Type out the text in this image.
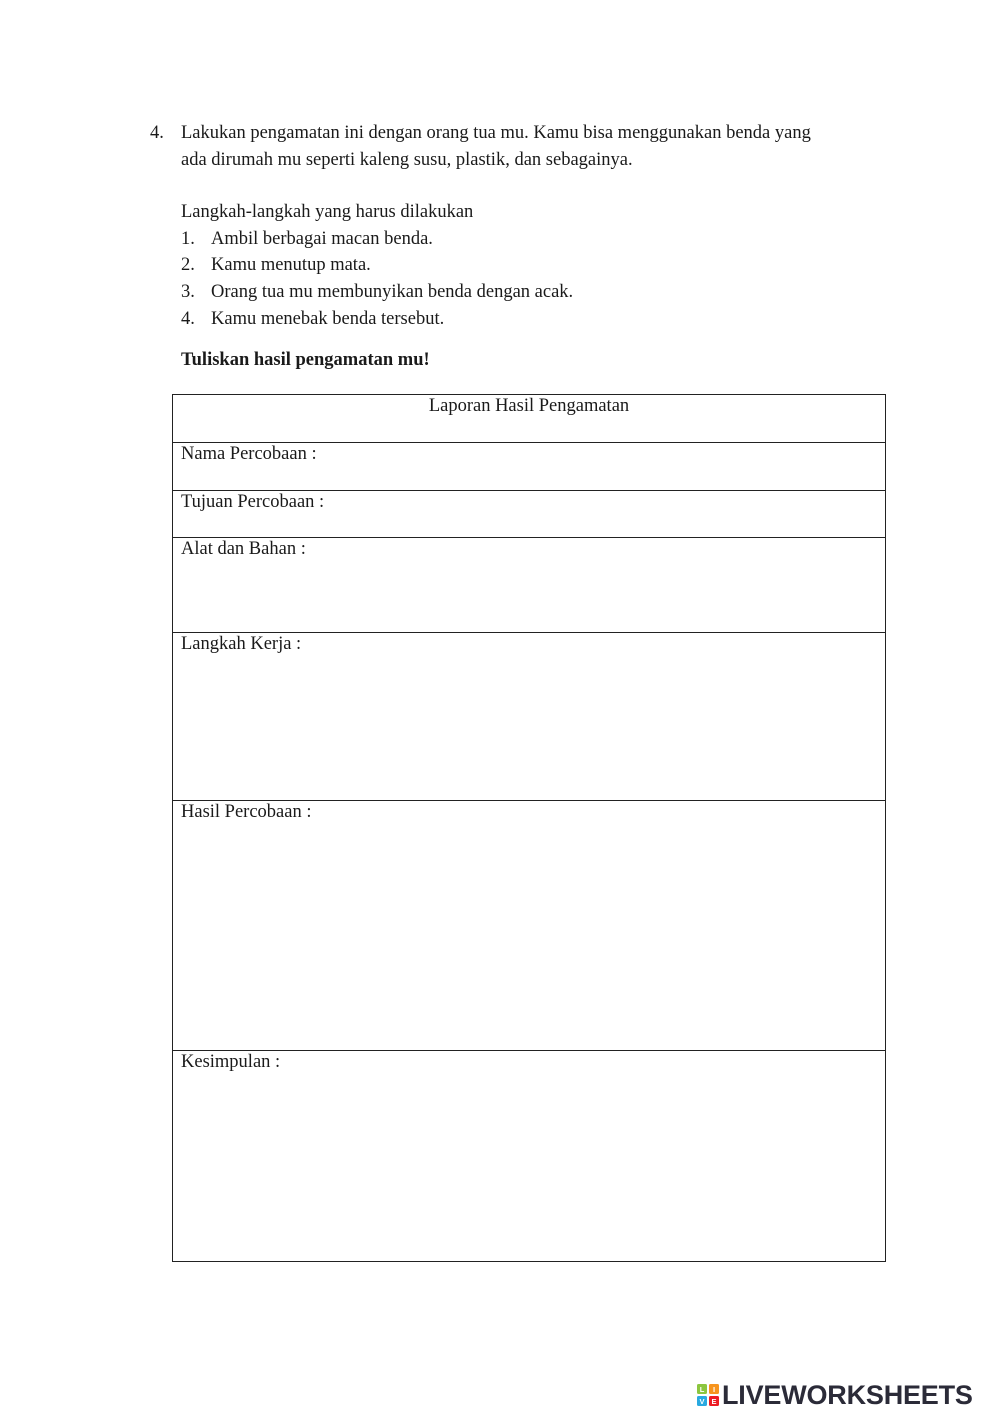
4. Lakukan pengamatan ini dengan orang tua mu. Kamu bisa menggunakan benda yang
ada dirumah mu seperti kaleng susu, plastik, dan sebagainya.
Langkah-langkah yang harus dilakukan
1. Ambil berbagai macan benda.
2. Kamu menutup mata.
3. Orang tua mu membunyikan benda dengan acak.
4. Kamu menebak benda tersebut.
Tuliskan hasil pengamatan mu!
Laporan Hasil Pengamatan
Nama Percobaan :
Tujuan Percobaan :
Alat dan Bahan :
Langkah Kerja :
Hasil Percobaan :
Kesimpulan :
L I
V E LIVEWORKSHEETS
